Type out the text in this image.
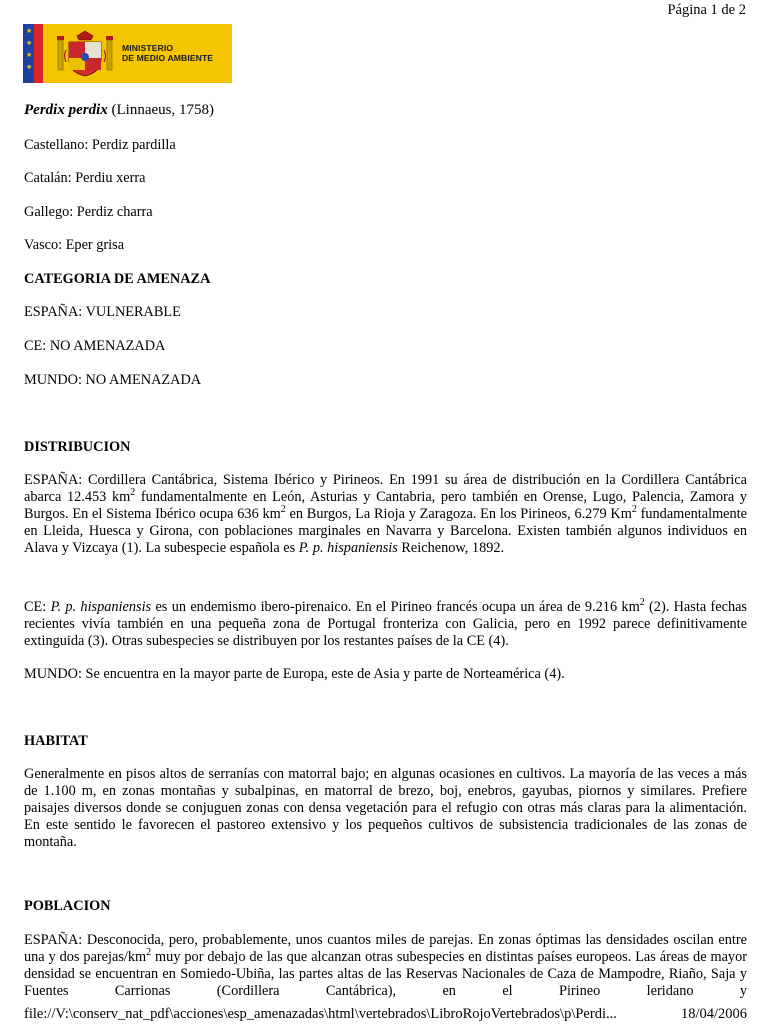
Página 1 de 2
★
★
★
★
MINISTERIO
DE MEDIO AMBIENTE
Perdix perdix (Linnaeus, 1758)
Castellano: Perdiz pardilla
Catalán: Perdiu xerra
Gallego: Perdiz charra
Vasco: Eper grisa
CATEGORIA DE AMENAZA
ESPAÑA: VULNERABLE
CE: NO AMENAZADA
MUNDO: NO AMENAZADA
DISTRIBUCION

ESPAÑA: Cordillera Cantábrica, Sistema Ibérico y Pirineos. En 1991 su área de distribución en la Cordillera Cantábrica abarca 12.453 $km^2$ fundamentalmente en León, Asturias y Cantabria, pero también en Orense, Lugo, Palencia, Zamora y Burgos. En el Sistema Ibérico ocupa 636 $km^2$ en Burgos, La Rioja y Zaragoza. En los Pirineos, 6.279 Km$^2$ fundamentalmente en Lleida, Huesca y Girona, con poblaciones marginales en Navarra y Barcelona. Existen también algunos individuos en Alava y Vizcaya (1). La subespecie española es P. p. hispaniensis Reichenow, 1892.

CE: P. p. hispaniensis es un endemismo ibero-pirenaico. En el Pirineo francés ocupa un área de 9.216 $km^2$ (2). Hasta fechas recientes vivía también en una pequeña zona de Portugal fronteriza con Galicia, pero en 1992 parece definitivamente extinguida (3). Otras subespecies se distribuyen por los restantes países de la CE (4).

MUNDO: Se encuentra en la mayor parte de Europa, este de Asia y parte de Norteamérica (4).
HABITAT
Generalmente en pisos altos de serranías con matorral bajo; en algunas ocasiones en cultivos. La mayoría de las veces a más de 1.100 m, en zonas montañas y subalpinas, en matorral de brezo, boj, enebros, gayubas, piornos y similares. Prefiere paisajes diversos donde se conjuguen zonas con densa vegetación para el refugio con otras más claras para la alimentación. En este sentido le favorecen el pastoreo extensivo y los pequeños cultivos de subsistencia tradicionales de las zonas de montaña.
POBLACION

ESPAÑA: Desconocida, pero, probablemente, unos cuantos miles de parejas. En zonas óptimas las densidades oscilan entre una y dos parejas/$km^2$ muy por debajo de las que alcanzan otras subespecies en distintas países europeos. Las áreas de mayor densidad se encuentran en Somiedo-Ubiña, las partes altas de las Reservas Nacionales de Caza de Mampodre, Riaño, Saja y Fuentes Carrionas (Cordillera Cantábrica), en el Pirineo leridano y

file://V:\conserv_nat_pdf\acciones\esp_amenazadas\html\vertebrados\LibroRojoVertebrados\p\Perdi...	18/04/2006
